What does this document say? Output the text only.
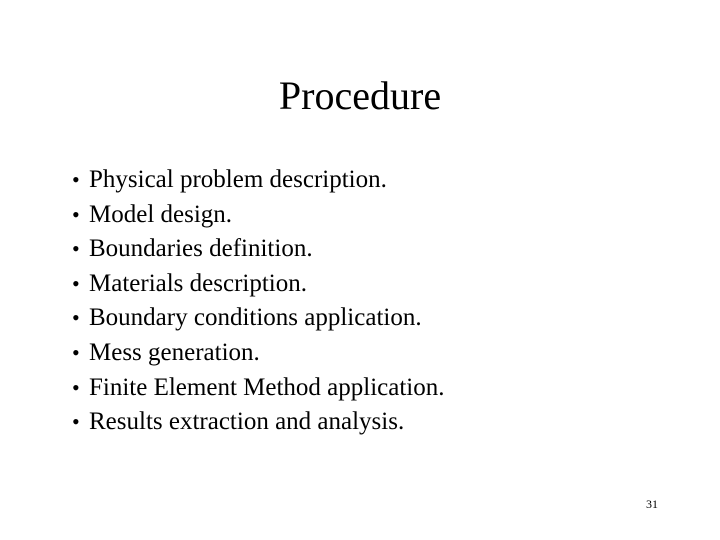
Procedure
• Physical problem description.
• Model design.
• Boundaries definition.
• Materials description.
• Boundary conditions application.
• Mess generation.
• Finite Element Method application.
• Results extraction and analysis.
31
